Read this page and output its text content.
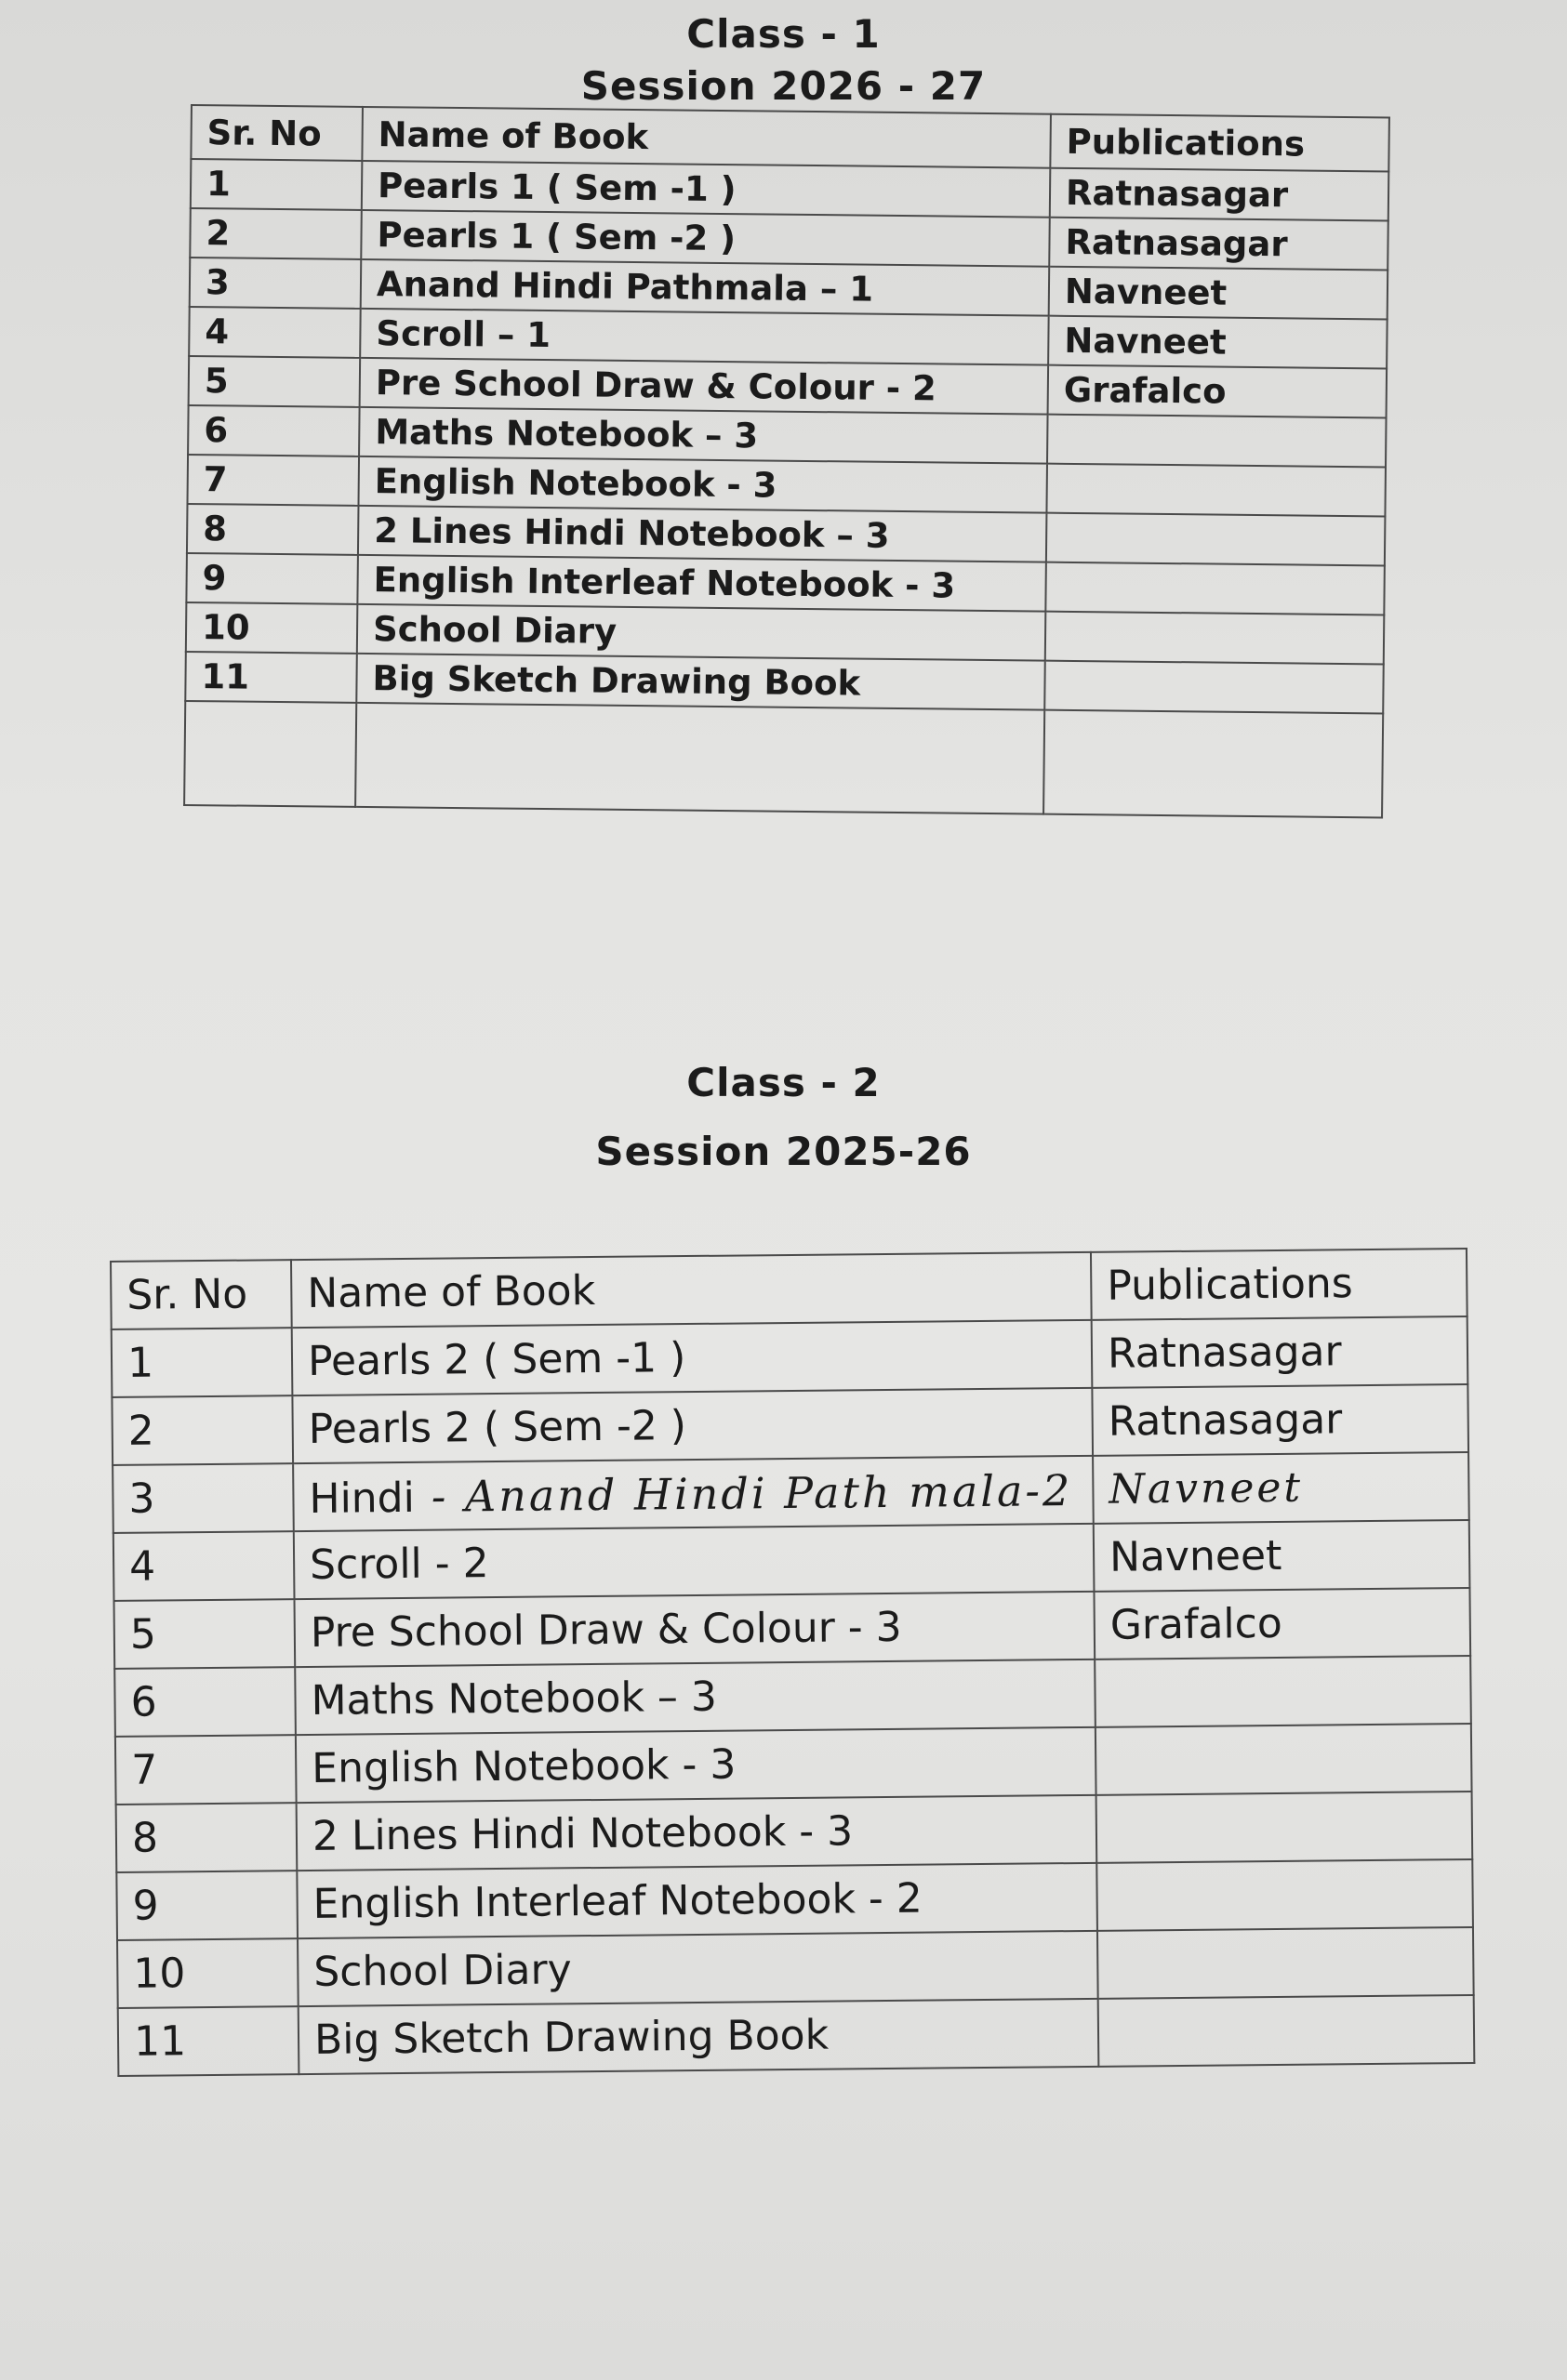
Class - 1
Session 2026 - 27
Sr. No	Name of Book	Publications
1	Pearls 1 ( Sem -1 )	Ratnasagar
2	Pearls 1 ( Sem -2 )	Ratnasagar
3	Anand Hindi Pathmala – 1	Navneet
4	Scroll – 1	Navneet
5	Pre School Draw & Colour - 2	Grafalco
6	Maths Notebook – 3	
7	English Notebook - 3	
8	2 Lines Hindi Notebook – 3	
9	English Interleaf Notebook - 3	
10	School Diary	
11	Big Sketch Drawing Book	

Class - 2
Session 2025-26
Sr. No	Name of Book	Publications
1	Pearls 2 ( Sem -1 )	Ratnasagar
2	Pearls 2 ( Sem -2 )	Ratnasagar
3	Hindi - Anand Hindi Path mala-2	Navneet
4	Scroll - 2	Navneet
5	Pre School Draw & Colour - 3	Grafalco
6	Maths Notebook – 3	
7	English Notebook - 3	
8	2 Lines Hindi Notebook - 3	
9	English Interleaf Notebook - 2	
10	School Diary	
11	Big Sketch Drawing Book	
